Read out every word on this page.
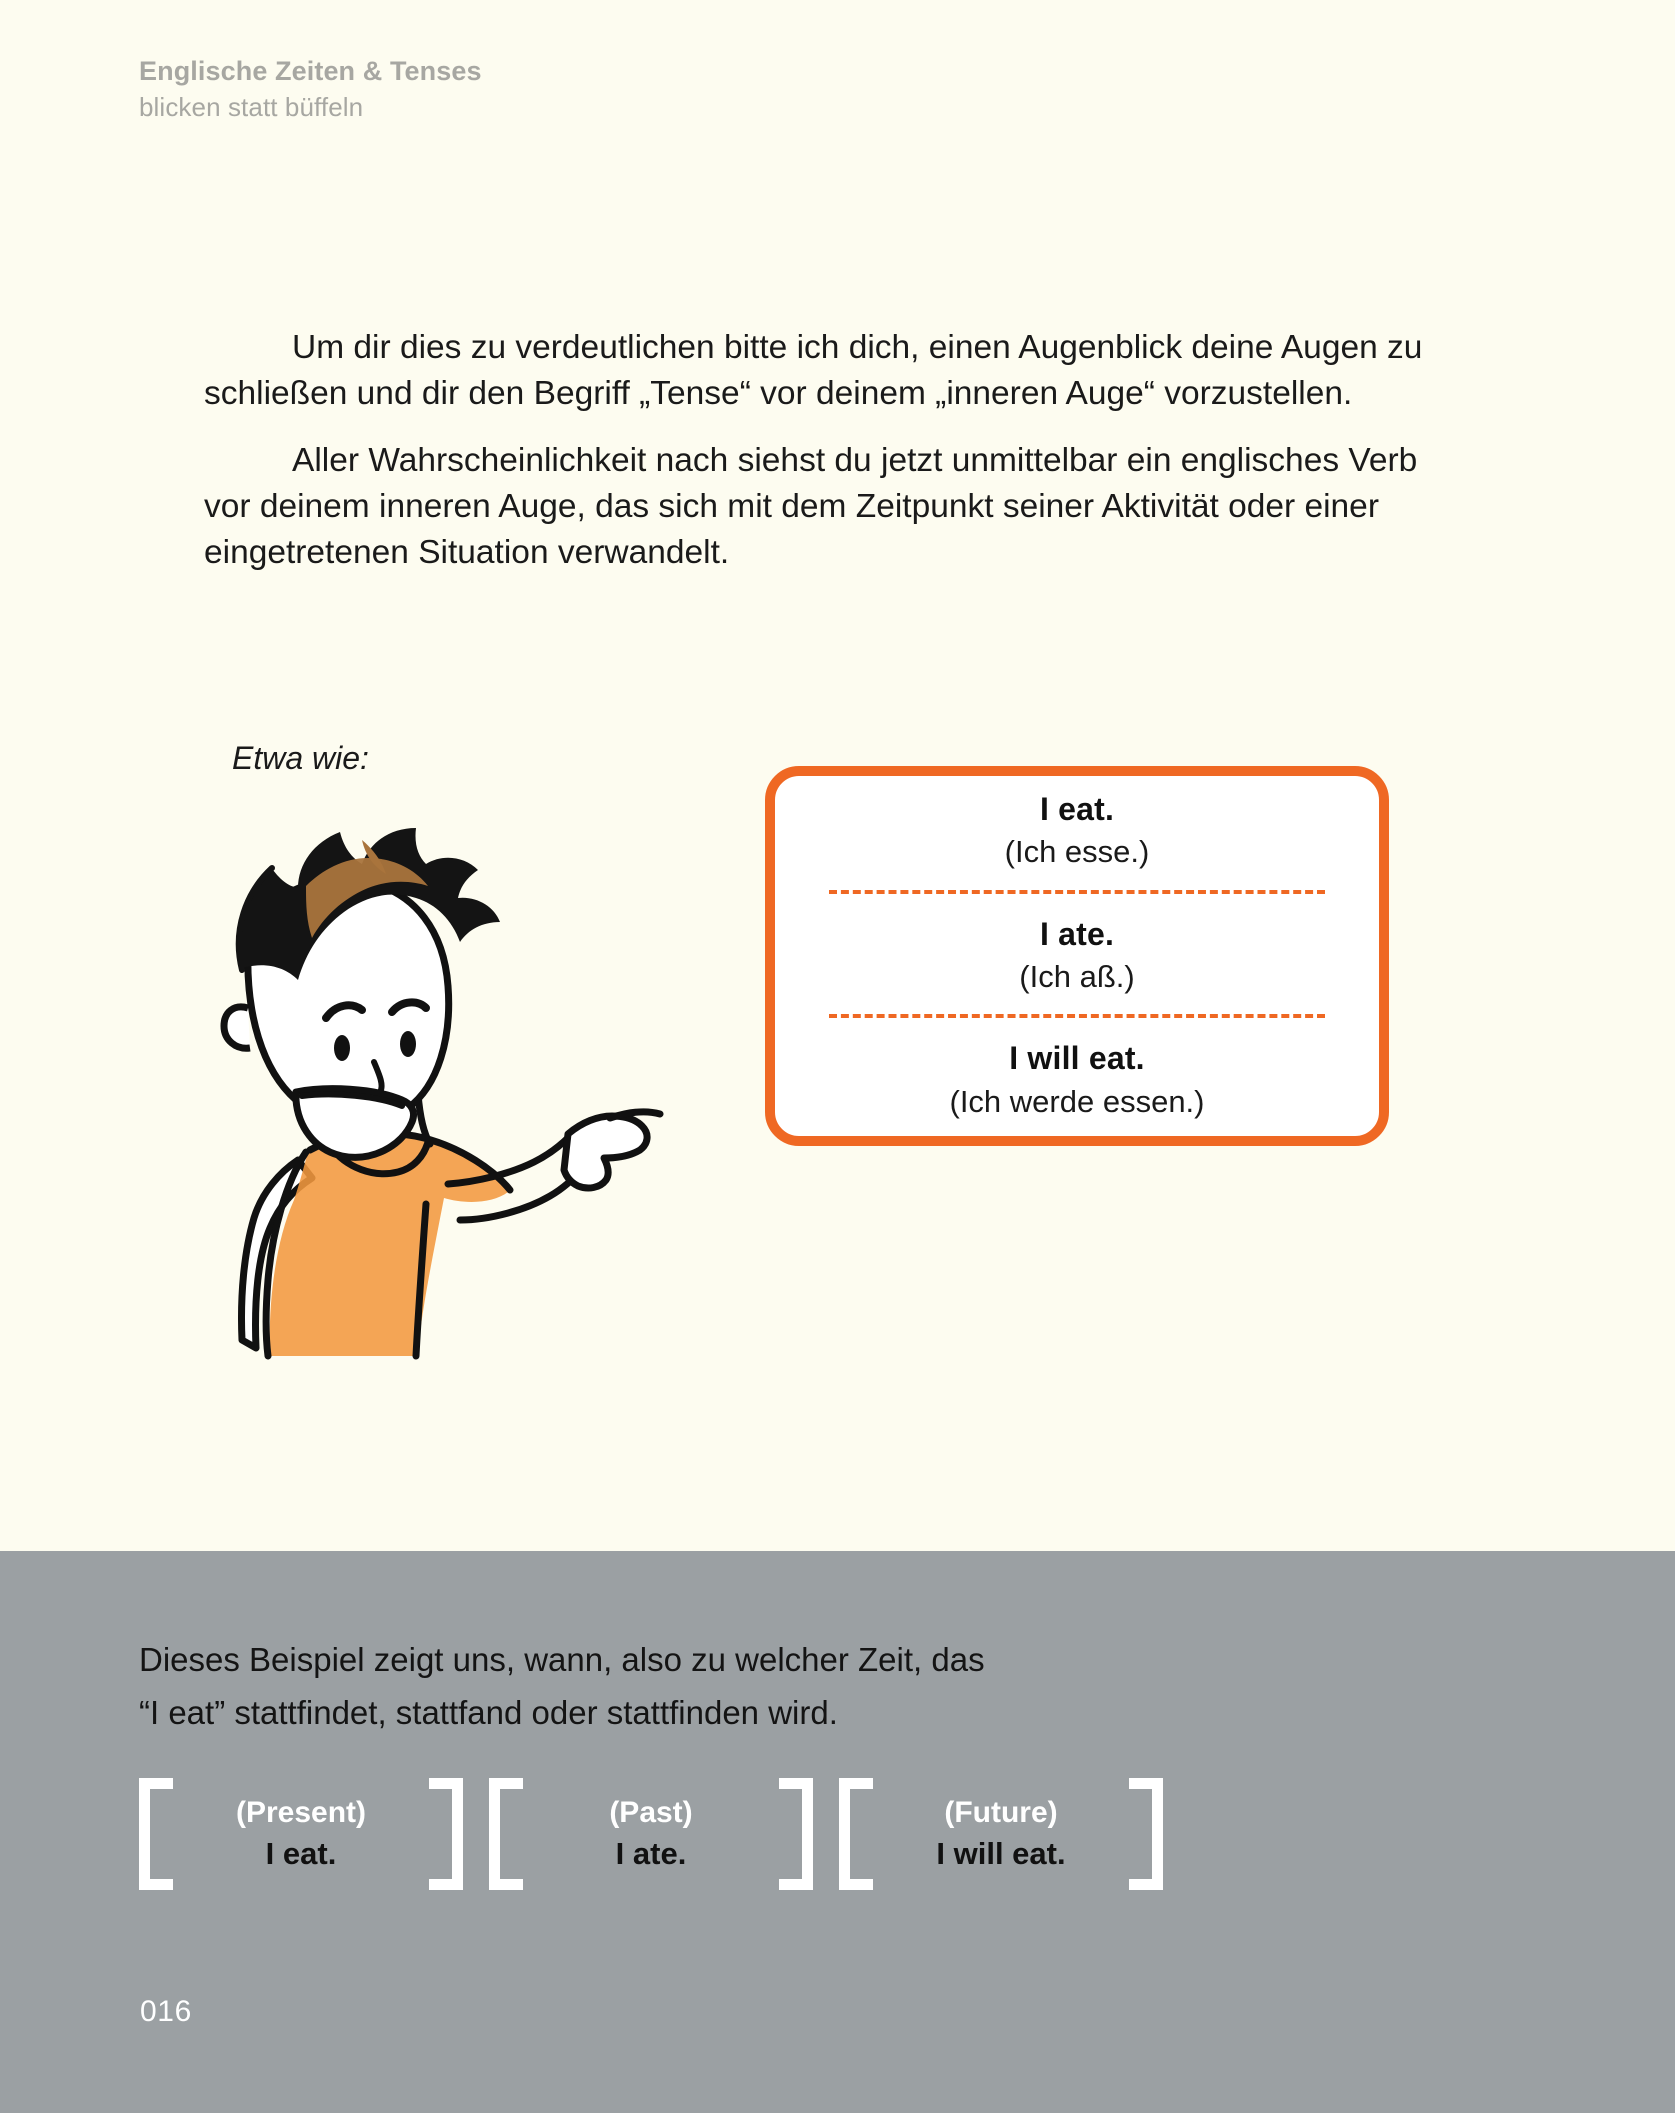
Englische Zeiten & Tenses
blicken statt büffeln

Um dir dies zu verdeutlichen bitte ich dich, einen Augenblick deine Augen zu schließen und dir den Begriff „Tense“ vor deinem „inneren Auge“ vorzustellen.

Aller Wahrscheinlichkeit nach siehst du jetzt unmittelbar ein englisches Verb vor deinem inneren Auge, das sich mit dem Zeitpunkt seiner Aktivität oder einer eingetretenen Situation verwandelt.

Etwa wie:
I eat.
(Ich esse.)
I ate.
(Ich aß.)
I will eat.
(Ich werde essen.)
Dieses Beispiel zeigt uns, wann, also zu welcher Zeit, das
“I eat” stattfindet, stattfand oder stattfinden wird.
(Present)
I eat.
(Past)
I ate.
(Future)
I will eat.
016
